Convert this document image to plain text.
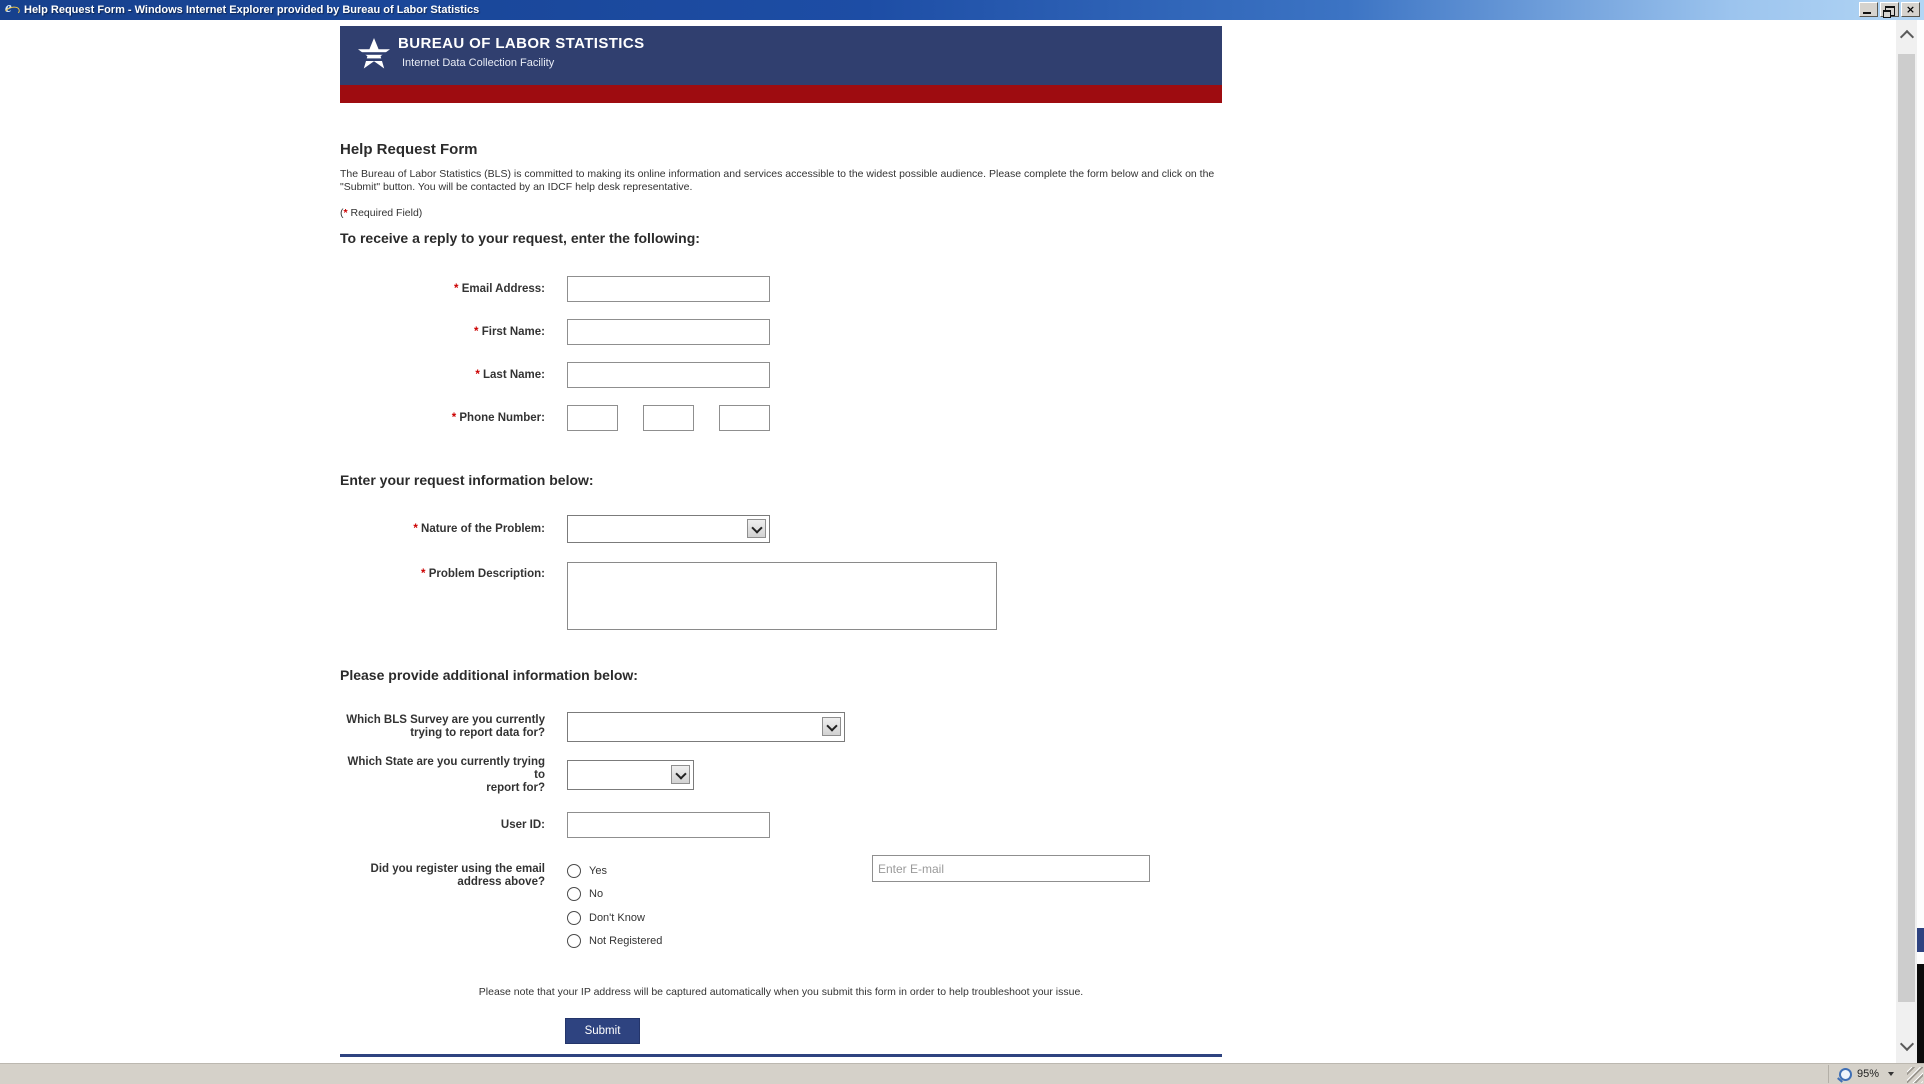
e Help Request Form - Windows Internet Explorer provided by Bureau of Labor Statistics	×
BUREAU OF LABOR STATISTICS
Internet Data Collection Facility
Help Request Form
The Bureau of Labor Statistics (BLS) is committed to making its online information and services accessible to the widest possible audience. Please complete the form below and click on the "Submit" button. You will be contacted by an IDCF help desk representative.
(* Required Field)
To receive a reply to your request, enter the following:
* Email Address:
* First Name:
* Last Name:
* Phone Number:
Enter your request information below:
* Nature of the Problem:
* Problem Description:
Please provide additional information below:
Which BLS Survey are you currently
trying to report data for?
Which State are you currently trying to
report for?
User ID:
Did you register using the email
address above?
Yes
No
Don't Know
Not Registered
Enter E-mail
Please note that your IP address will be captured automatically when you submit this form in order to help troubleshoot your issue.
Submit
95%
